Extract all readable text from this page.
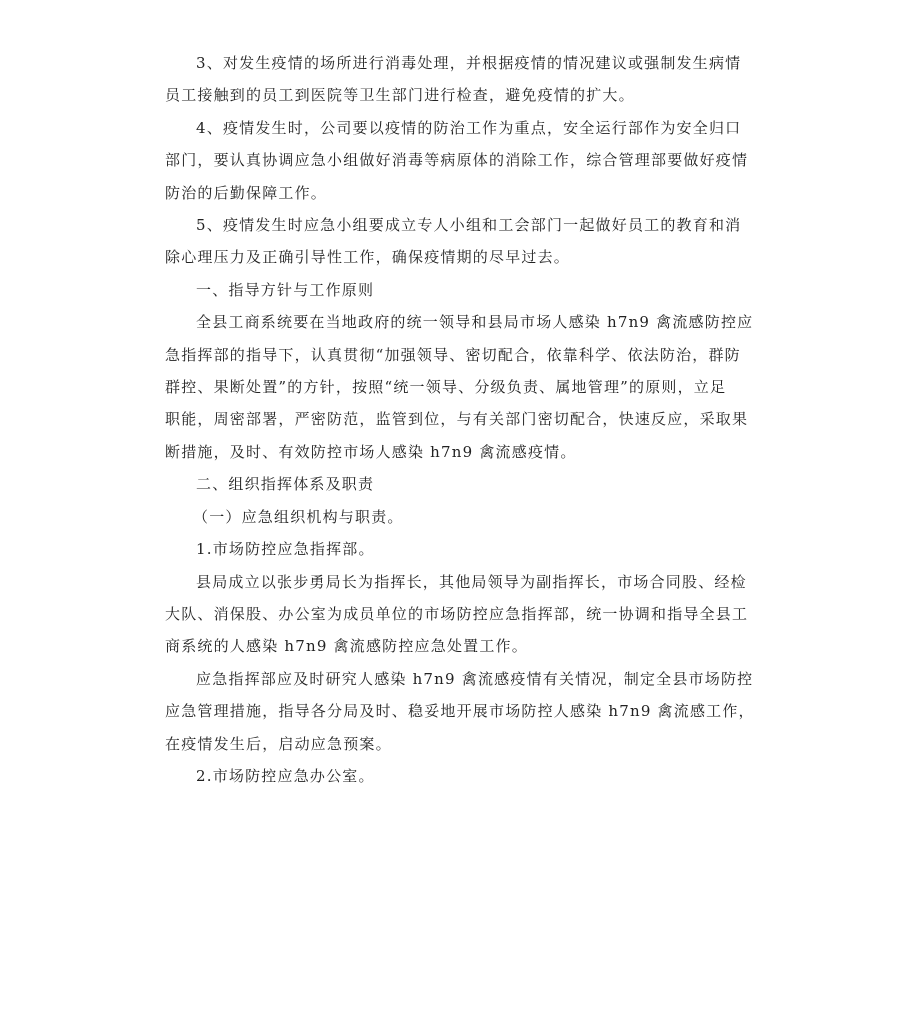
3、对发生疫情的场所进行消毒处理，并根据疫情的情况建议或强制发生病情
员工接触到的员工到医院等卫生部门进行检查，避免疫情的扩大。

4、疫情发生时，公司要以疫情的防治工作为重点，安全运行部作为安全归口
部门，要认真协调应急小组做好消毒等病原体的消除工作，综合管理部要做好疫情
防治的后勤保障工作。

5、疫情发生时应急小组要成立专人小组和工会部门一起做好员工的教育和消
除心理压力及正确引导性工作，确保疫情期的尽早过去。

一、指导方针与工作原则

全县工商系统要在当地政府的统一领导和县局市场人感染 h7n9 禽流感防控应
急指挥部的指导下，认真贯彻“加强领导、密切配合，依靠科学、依法防治，群防
群控、果断处置”的方针，按照“统一领导、分级负责、属地管理”的原则，立足
职能，周密部署，严密防范，监管到位，与有关部门密切配合，快速反应，采取果
断措施，及时、有效防控市场人感染 h7n9 禽流感疫情。

二、组织指挥体系及职责

（一）应急组织机构与职责。

1.市场防控应急指挥部。

县局成立以张步勇局长为指挥长，其他局领导为副指挥长，市场合同股、经检
大队、消保股、办公室为成员单位的市场防控应急指挥部，统一协调和指导全县工
商系统的人感染 h7n9 禽流感防控应急处置工作。

应急指挥部应及时研究人感染 h7n9 禽流感疫情有关情况，制定全县市场防控
应急管理措施，指导各分局及时、稳妥地开展市场防控人感染 h7n9 禽流感工作，
在疫情发生后，启动应急预案。

2.市场防控应急办公室。
